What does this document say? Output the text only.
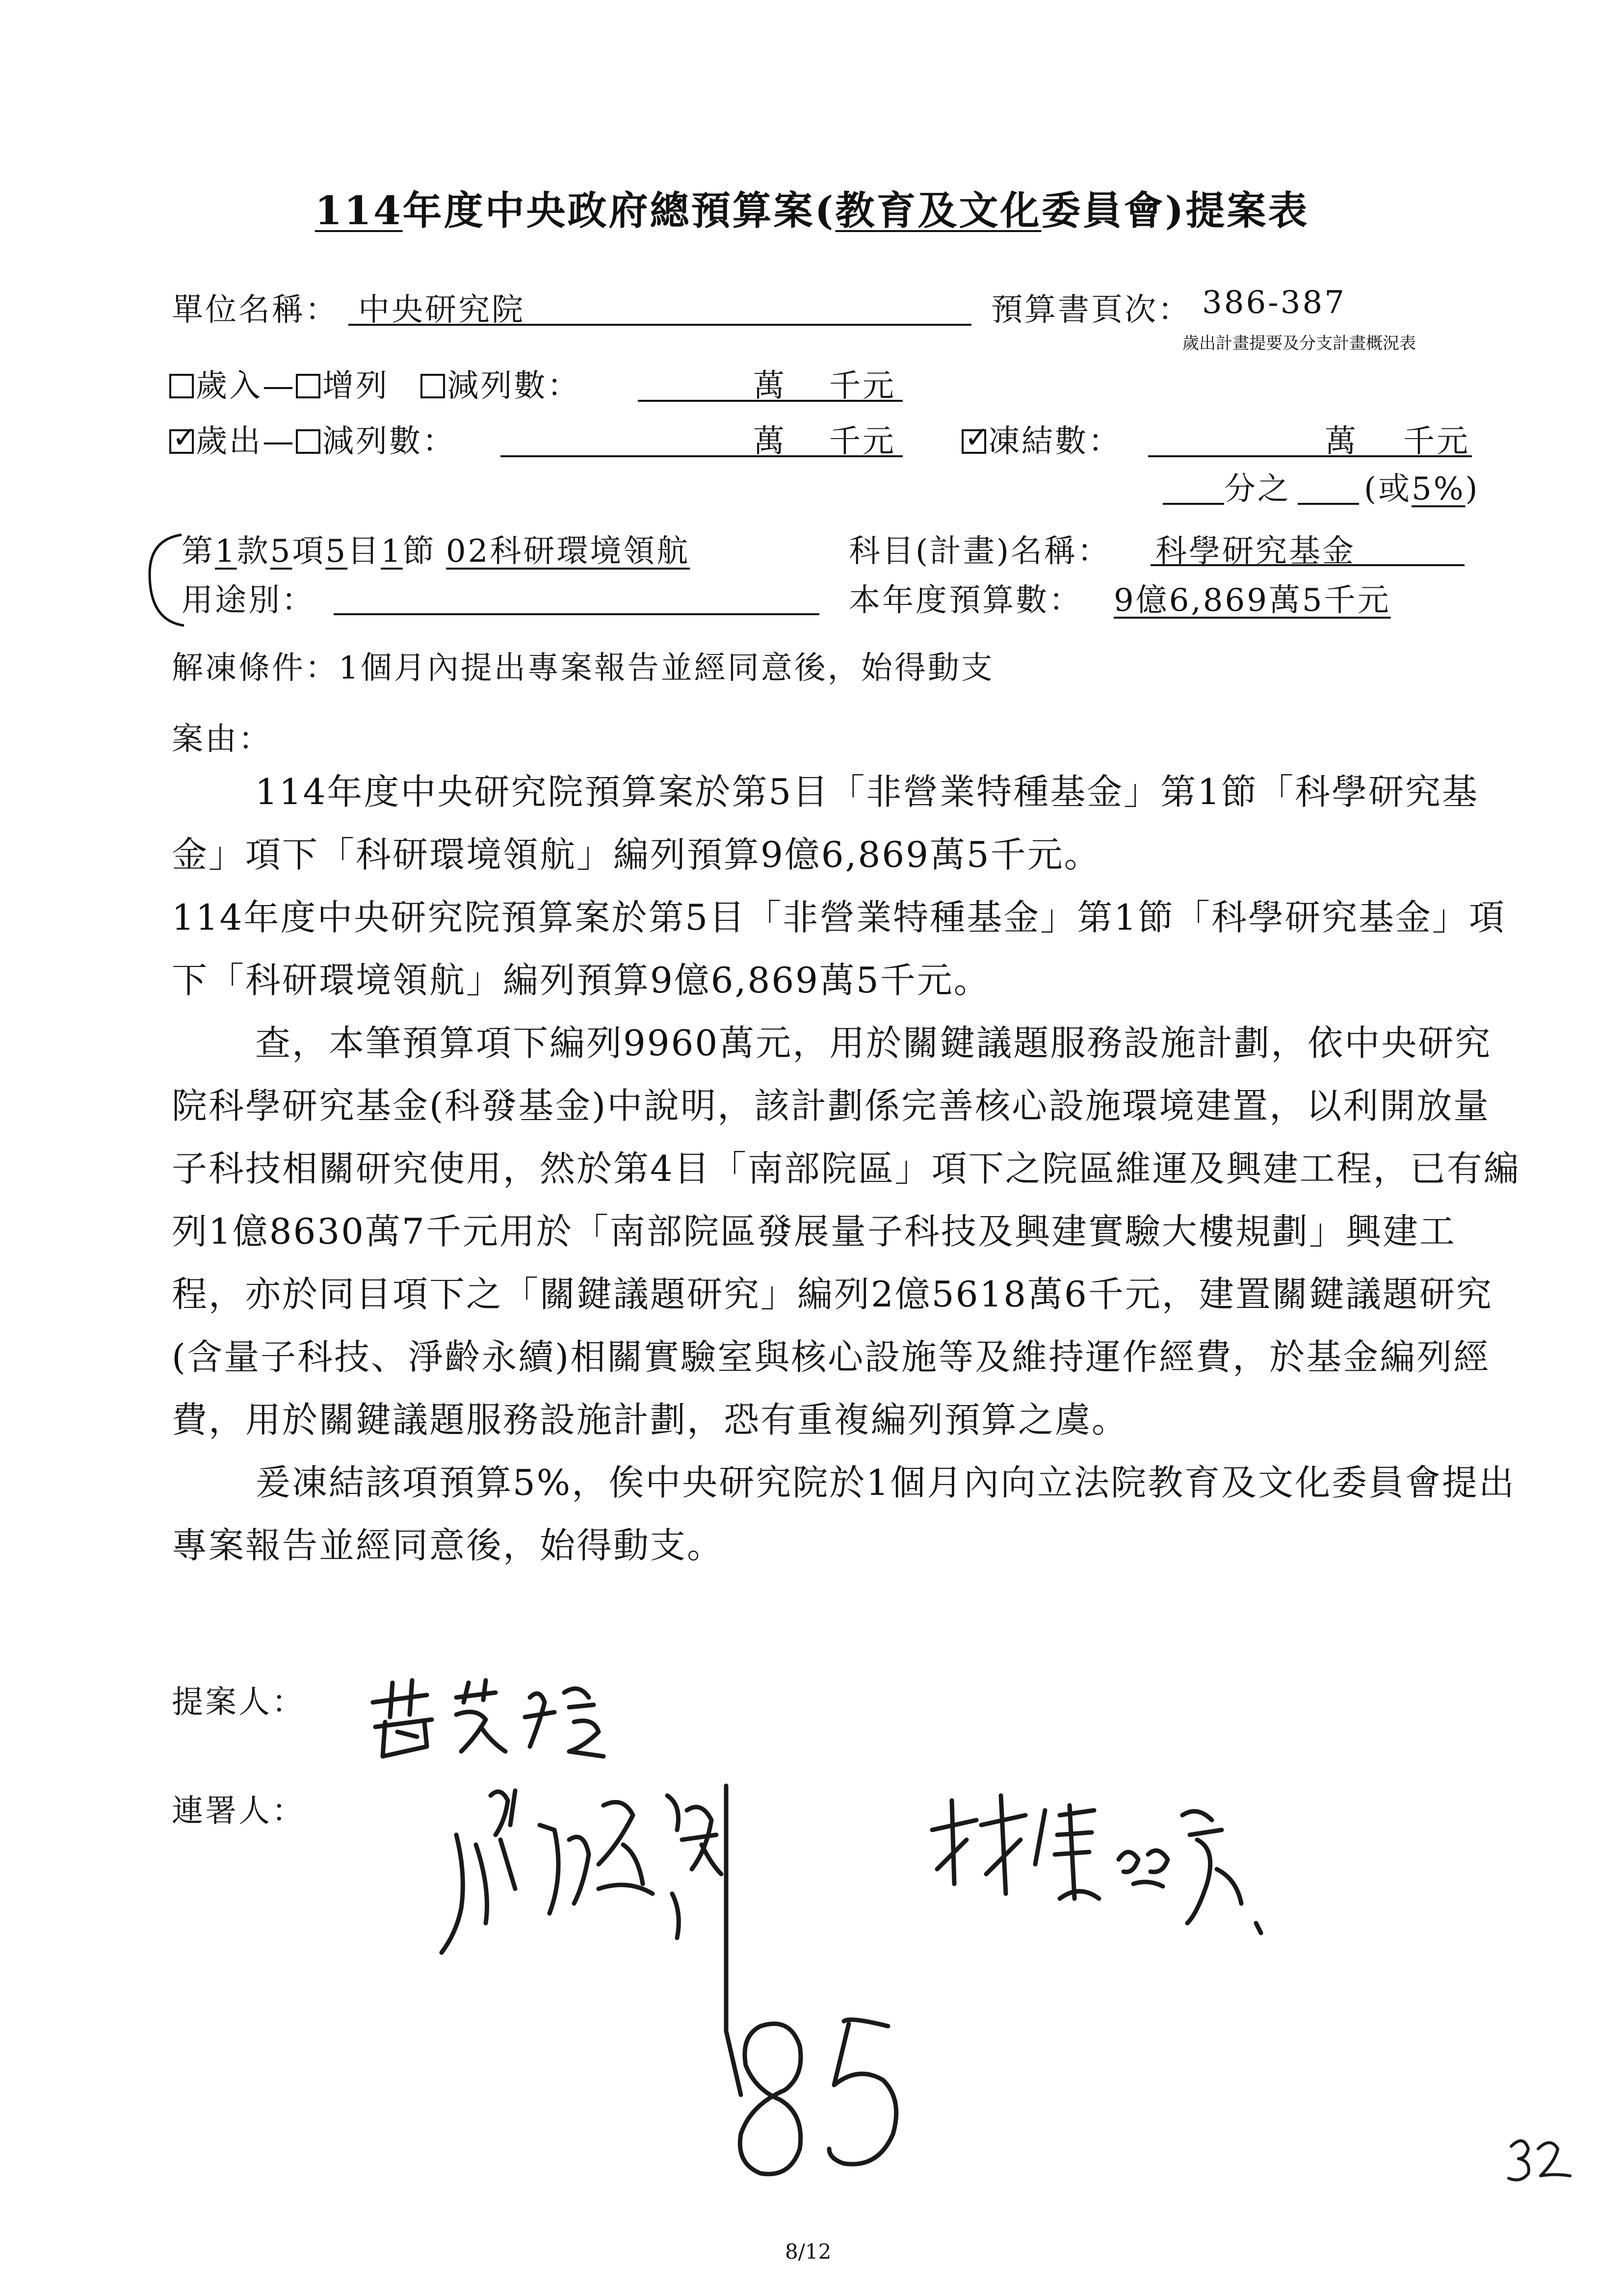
114年度中央政府總預算案(教育及文化委員會)提案表
單位名稱： 中央研究院	預算書頁次： 386-387
歲出計畫提要及分支計畫概況表
歲入— 增列 減列數：	萬 千元
✓歲出— 減列數：	萬 千元
✓	凍結數：	萬 千元
分之 (或5%)
第1款5項5目1節 02科研環境領航	科目(計畫)名稱： 科學研究基金
用途別：	本年度預算數： 9億6,869萬5千元
解凍條件：1個月內提出專案報告並經同意後，始得動支
案由：

114年度中央研究院預算案於第5目「非營業特種基金」第1節「科學研究基金」項下「科研環境領航」編列預算9億6,869萬5千元。

114年度中央研究院預算案於第5目「非營業特種基金」第1節「科學研究基金」項下「科研環境領航」編列預算9億6,869萬5千元。

查，本筆預算項下編列9960萬元，用於關鍵議題服務設施計劃，依中央研究院科學研究基金(科發基金)中說明，該計劃係完善核心設施環境建置，以利開放量子科技相關研究使用，然於第4目「南部院區」項下之院區維運及興建工程，已有編列1億8630萬7千元用於「南部院區發展量子科技及興建實驗大樓規劃」興建工程，亦於同目項下之「關鍵議題研究」編列2億5618萬6千元，建置關鍵議題研究(含量子科技、淨齡永續)相關實驗室與核心設施等及維持運作經費，於基金編列經費，用於關鍵議題服務設施計劃，恐有重複編列預算之虞。

爰凍結該項預算5%，俟中央研究院於1個月內向立法院教育及文化委員會提出專案報告並經同意後，始得動支。

提案人：
連署人：
8/12
